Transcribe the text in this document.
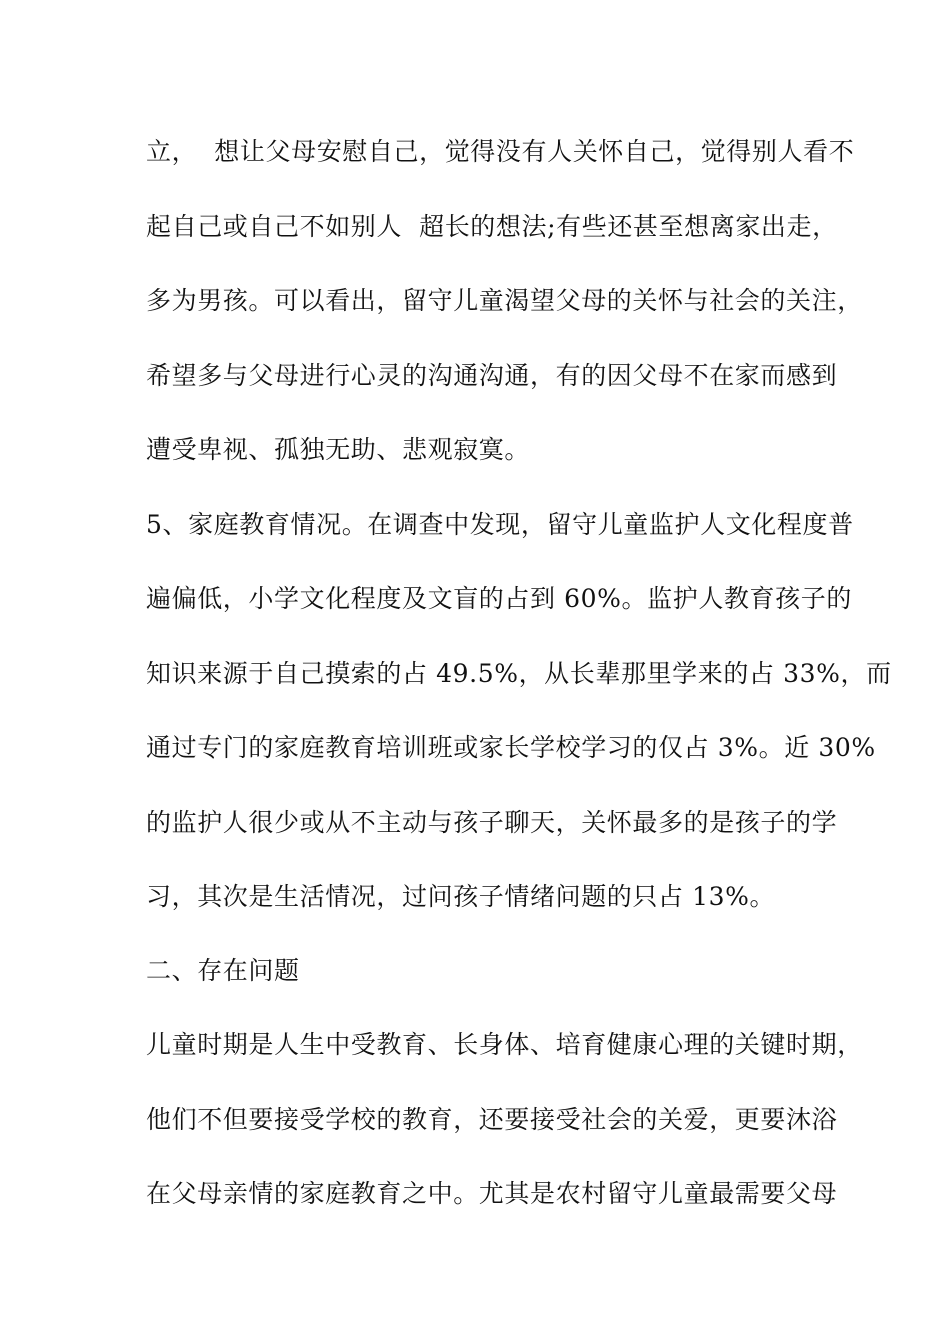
立，  想让父母安慰自己，觉得没有人关怀自己，觉得别人看不
起自己或自己不如别人  超长的想法;有些还甚至想离家出走，
多为男孩。可以看出，留守儿童渴望父母的关怀与社会的关注，
希望多与父母进行心灵的沟通沟通，有的因父母不在家而感到
遭受卑视、孤独无助、悲观寂寞。
5、家庭教育情况。在调查中发现，留守儿童监护人文化程度普
遍偏低，小学文化程度及文盲的占到 60%。监护人教育孩子的
知识来源于自己摸索的占 49.5%，从长辈那里学来的占 33%，而
通过专门的家庭教育培训班或家长学校学习的仅占 3%。近 30%
的监护人很少或从不主动与孩子聊天，关怀最多的是孩子的学
习，其次是生活情况，过问孩子情绪问题的只占 13%。
二、存在问题
儿童时期是人生中受教育、长身体、培育健康心理的关键时期，
他们不但要接受学校的教育，还要接受社会的关爱，更要沐浴
在父母亲情的家庭教育之中。尤其是农村留守儿童最需要父母
